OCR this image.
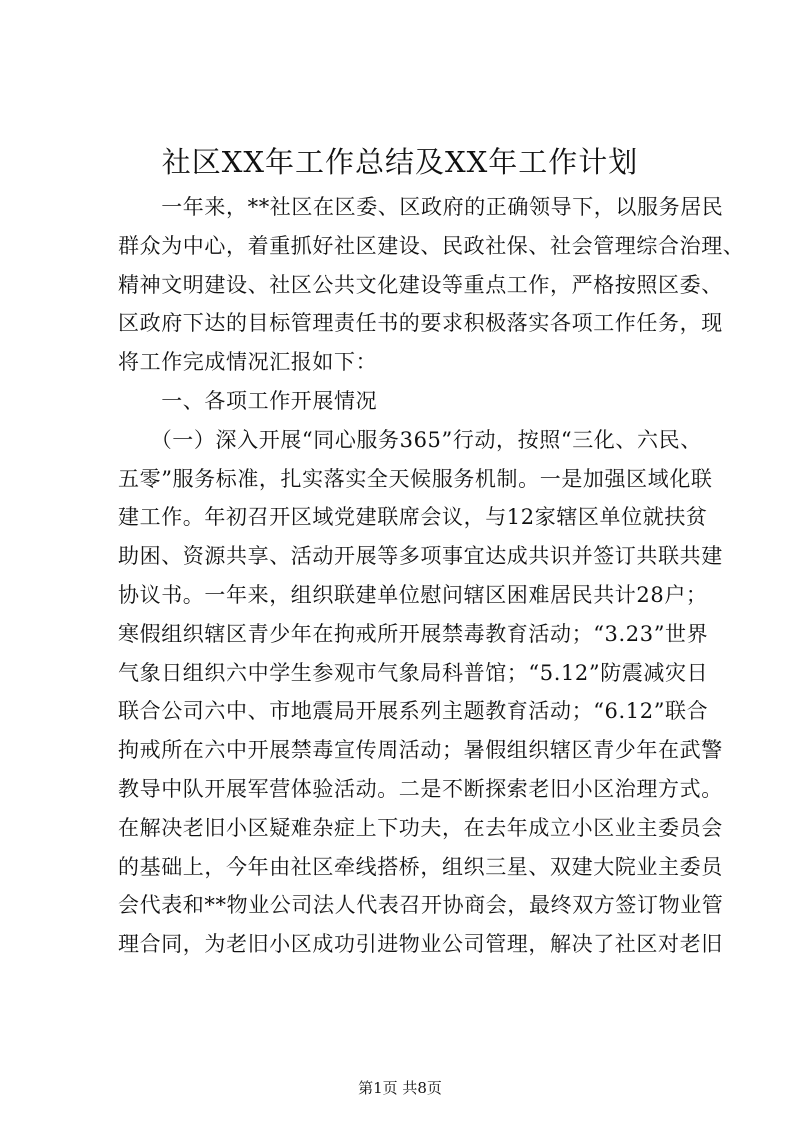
社区XX年工作总结及XX年工作计划
　　一年来，**社区在区委、区政府的正确领导下，以服务居民
群众为中心，着重抓好社区建设、民政社保、社会管理综合治理、
精神文明建设、社区公共文化建设等重点工作，严格按照区委、
区政府下达的目标管理责任书的要求积极落实各项工作任务，现
将工作完成情况汇报如下：
　　一、各项工作开展情况
　　（一）深入开展“同心服务365”行动，按照“三化、六民、
五零”服务标准，扎实落实全天候服务机制。一是加强区域化联
建工作。年初召开区域党建联席会议，与12家辖区单位就扶贫
助困、资源共享、活动开展等多项事宜达成共识并签订共联共建
协议书。一年来，组织联建单位慰问辖区困难居民共计28户；
寒假组织辖区青少年在拘戒所开展禁毒教育活动；“3.23”世界
气象日组织六中学生参观市气象局科普馆；“5.12”防震减灾日
联合公司六中、市地震局开展系列主题教育活动；“6.12”联合
拘戒所在六中开展禁毒宣传周活动；暑假组织辖区青少年在武警
教导中队开展军营体验活动。二是不断探索老旧小区治理方式。
在解决老旧小区疑难杂症上下功夫，在去年成立小区业主委员会
的基础上，今年由社区牵线搭桥，组织三星、双建大院业主委员
会代表和**物业公司法人代表召开协商会，最终双方签订物业管
理合同，为老旧小区成功引进物业公司管理，解决了社区对老旧
第1页 共8页
